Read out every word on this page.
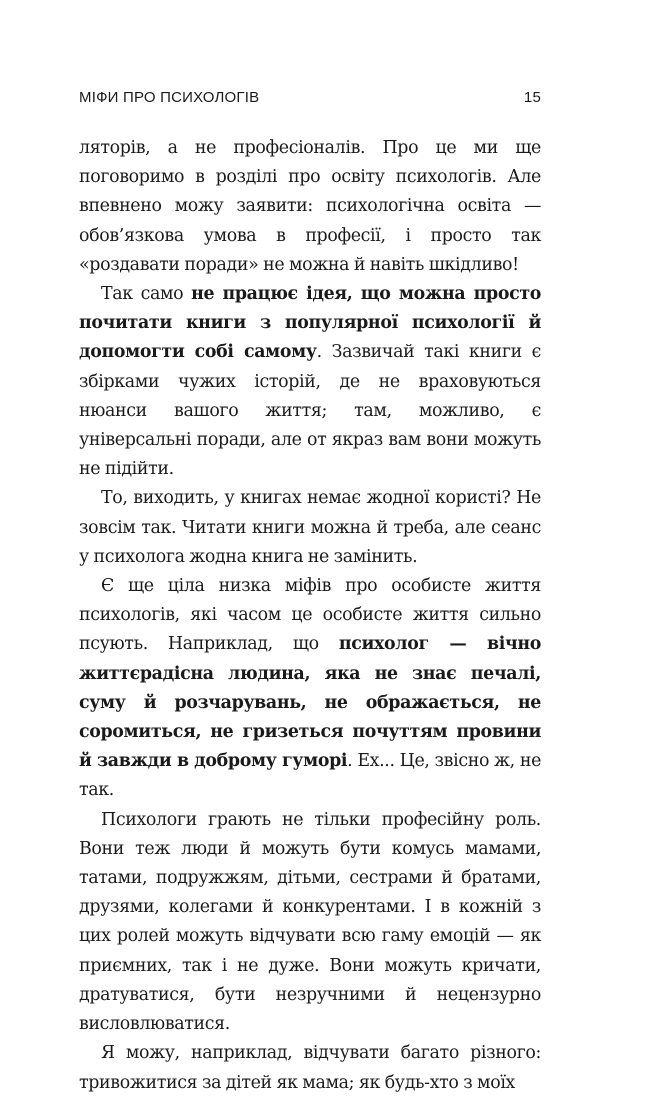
МІФИ ПРО ПСИХОЛОГІВ	15

ляторів, а не професіоналів. Про це ми ще поговоримо в розділі про освіту психологів. Але впевнено можу заявити: психологічна освіта — обов’язкова умова в професії, і просто так «роздавати поради» не можна й навіть шкідливо!

Так само не працює ідея, що можна просто почитати книги з популярної психології й допомогти собі самому. Зазвичай такі книги є збірками чужих історій, де не враховуються нюанси вашого життя; там, можливо, є універсальні поради, але от якраз вам вони можуть не підійти.

То, виходить, у книгах немає жодної користі? Не зовсім так. Читати книги можна й треба, але сеанс у психолога жодна книга не замінить.

Є ще ціла низка міфів про особисте життя психологів, які часом це особисте життя сильно псують. Наприклад, що психолог — вічно життєрадісна людина, яка не знає печалі, суму й розчарувань, не ображається, не соромиться, не гризеться почуттям провини й завжди в доброму гуморі. Ех... Це, звісно ж, не так.

Психологи грають не тільки професійну роль. Вони теж люди й можуть бути комусь мамами, татами, подружжям, дітьми, сестрами й братами, друзями, колегами й конкурентами. І в кожній з цих ролей можуть відчувати всю гаму емоцій — як приємних, так і не дуже. Вони можуть кричати, дратуватися, бути незручними й нецензурно висловлюватися.

Я можу, наприклад, відчувати багато різного: тривожитися за дітей як мама; як будь-хто з моїх
